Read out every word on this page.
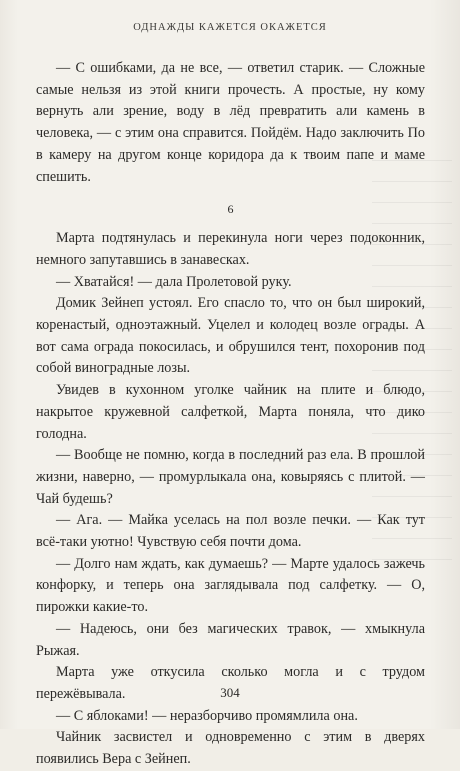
ОДНАЖДЫ КАЖЕТСЯ ОКАЖЕТСЯ

— С ошибками, да не все, — ответил старик. — Сложные самые нельзя из этой книги прочесть. А простые, ну кому вернуть али зрение, воду в лёд превратить али камень в человека, — с этим она справится. Пойдём. Надо заключить По в камеру на другом конце коридора да к твоим папе и маме спешить.

6

Марта подтянулась и перекинула ноги через подоконник, немного запутавшись в занавесках.

— Хватайся! — дала Пролетовой руку.

Домик Зейнеп устоял. Его спасло то, что он был широкий, коренастый, одноэтажный. Уцелел и колодец возле ограды. А вот сама ограда покосилась, и обрушился тент, похоронив под собой виноградные лозы.

Увидев в кухонном уголке чайник на плите и блюдо, накрытое кружевной салфеткой, Марта поняла, что дико голодна.

— Вообще не помню, когда в последний раз ела. В прошлой жизни, наверно, — промурлыкала она, ковыряясь с плитой. — Чай будешь?

— Ага. — Майка уселась на пол возле печки. — Как тут всё-таки уютно! Чувствую себя почти дома.

— Долго нам ждать, как думаешь? — Марте удалось зажечь конфорку, и теперь она заглядывала под салфетку. — О, пирожки какие-то.

— Надеюсь, они без магических травок, — хмыкнула Рыжая.

Марта уже откусила сколько могла и с трудом пережёвывала.

— С яблоками! — неразборчиво промямлила она.

Чайник засвистел и одновременно с этим в дверях появились Вера с Зейнеп.

304
